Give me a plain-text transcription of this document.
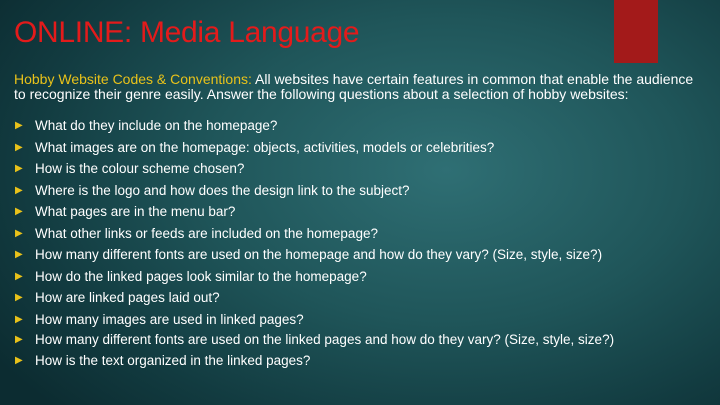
ONLINE: Media Language

Hobby Website Codes & Conventions: All websites have certain features in common that enable the audience to recognize their genre easily. Answer the following questions about a selection of hobby websites:

▶ What do they include on the homepage?
▶ What images are on the homepage: objects, activities, models or celebrities?
▶ How is the colour scheme chosen?
▶ Where is the logo and how does the design link to the subject?
▶ What pages are in the menu bar?
▶ What other links or feeds are included on the homepage?
▶ How many different fonts are used on the homepage and how do they vary? (Size, style, size?)
▶ How do the linked pages look similar to the homepage?
▶ How are linked pages laid out?
▶ How many images are used in linked pages?
▶ How many different fonts are used on the linked pages and how do they vary? (Size, style, size?)
▶ How is the text organized in the linked pages?
